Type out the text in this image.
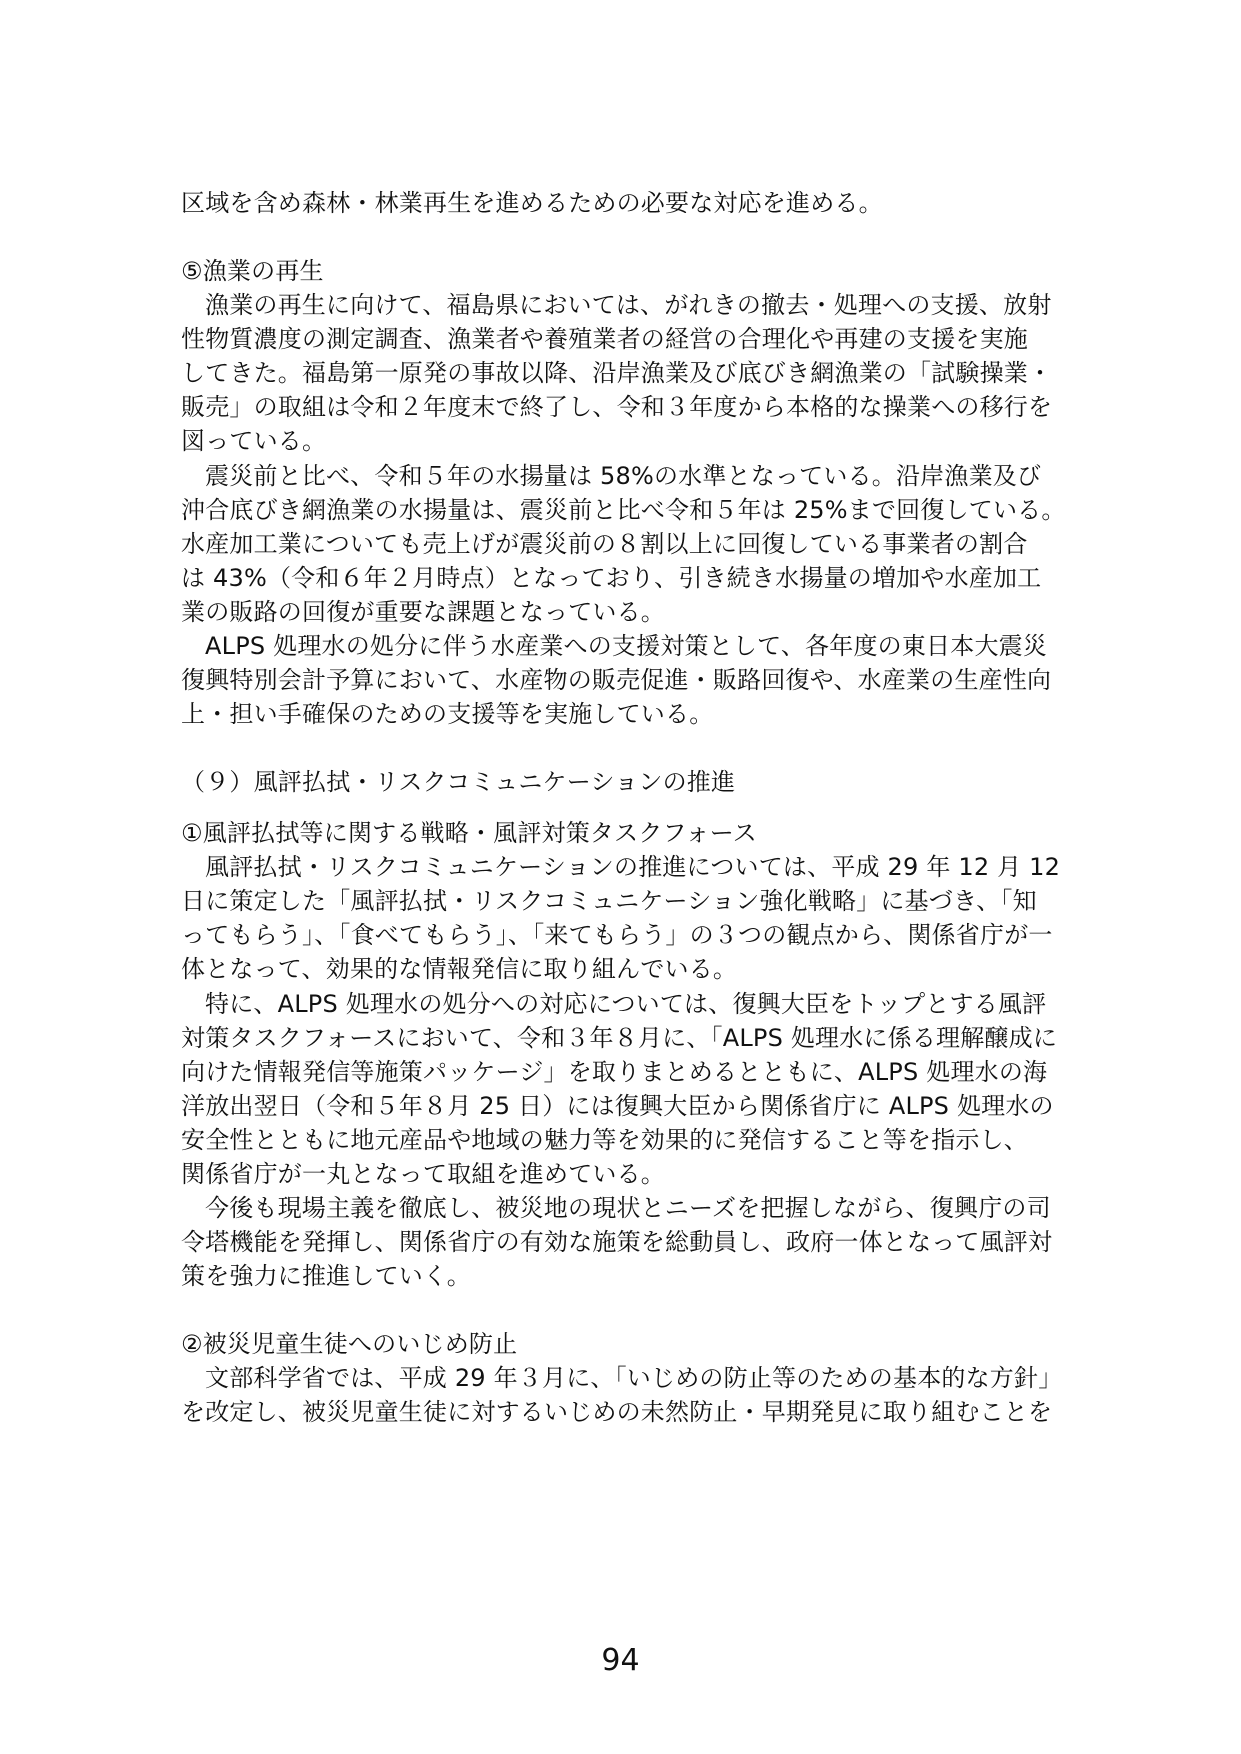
区域を含め森林・林業再生を進めるための必要な対応を進める。
⑤漁業の再生
漁業の再生に向けて、福島県においては、がれきの撤去・処理への支援、放射
性物質濃度の測定調査、漁業者や養殖業者の経営の合理化や再建の支援を実施
してきた。福島第一原発の事故以降、沿岸漁業及び底びき網漁業の「試験操業・
販売」の取組は令和２年度末で終了し、令和３年度から本格的な操業への移行を
図っている。
震災前と比べ、令和５年の水揚量は 58%の水準となっている。沿岸漁業及び
沖合底びき網漁業の水揚量は、震災前と比べ令和５年は 25%まで回復している。
水産加工業についても売上げが震災前の８割以上に回復している事業者の割合
は 43%（令和６年２月時点）となっており、引き続き水揚量の増加や水産加工
業の販路の回復が重要な課題となっている。
ALPS 処理水の処分に伴う水産業への支援対策として、各年度の東日本大震災
復興特別会計予算において、水産物の販売促進・販路回復や、水産業の生産性向
上・担い手確保のための支援等を実施している。
（９）風評払拭・リスクコミュニケーションの推進
①風評払拭等に関する戦略・風評対策タスクフォース
風評払拭・リスクコミュニケーションの推進については、平成 29 年 12 月 12
日に策定した「風評払拭・リスクコミュニケーション強化戦略」に基づき、「知
ってもらう」、「食べてもらう」、「来てもらう」の３つの観点から、関係省庁が一
体となって、効果的な情報発信に取り組んでいる。
特に、ALPS 処理水の処分への対応については、復興大臣をトップとする風評
対策タスクフォースにおいて、令和３年８月に、「ALPS 処理水に係る理解醸成に
向けた情報発信等施策パッケージ」を取りまとめるとともに、ALPS 処理水の海
洋放出翌日（令和５年８月 25 日）には復興大臣から関係省庁に ALPS 処理水の
安全性とともに地元産品や地域の魅力等を効果的に発信すること等を指示し、
関係省庁が一丸となって取組を進めている。
今後も現場主義を徹底し、被災地の現状とニーズを把握しながら、復興庁の司
令塔機能を発揮し、関係省庁の有効な施策を総動員し、政府一体となって風評対
策を強力に推進していく。
②被災児童生徒へのいじめ防止
文部科学省では、平成 29 年３月に、「いじめの防止等のための基本的な方針」
を改定し、被災児童生徒に対するいじめの未然防止・早期発見に取り組むことを
94
